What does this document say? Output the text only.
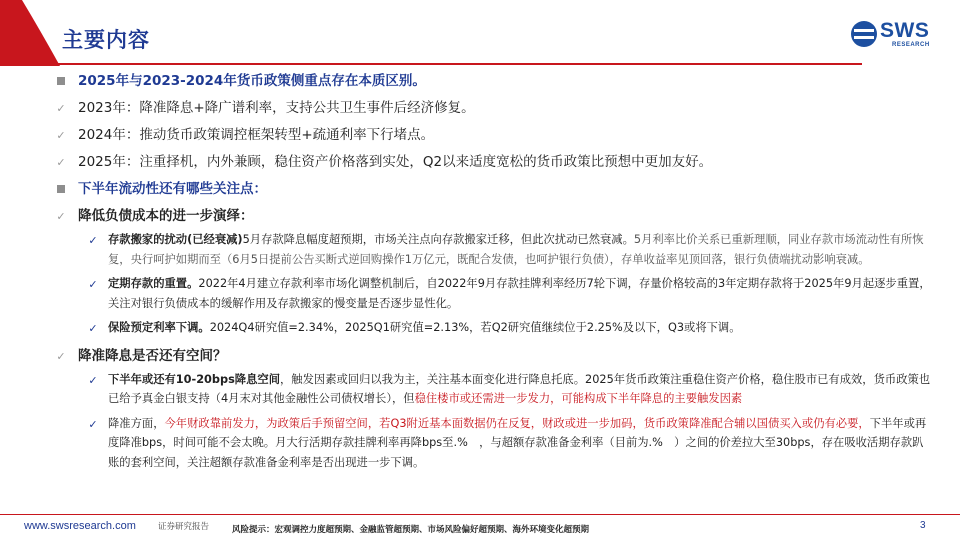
主要内容	SWS
RESEARCH
2025年与2023-2024年货币政策侧重点存在本质区别。
✓ 2023年：降准降息+降广谱利率，支持公共卫生事件后经济修复。
✓ 2024年：推动货币政策调控框架转型+疏通利率下行堵点。
✓ 2025年：注重择机，内外兼顾，稳住资产价格落到实处，Q2以来适度宽松的货币政策比预想中更加友好。
下半年流动性还有哪些关注点：
✓ 降低负债成本的进一步演绎：
✓ 存款搬家的扰动(已经衰减)5月存款降息幅度超预期，市场关注点向存款搬家迁移，但此次扰动已然衰减。5月利率比价关系已重新理顺，同业存款市场流动性有所恢复，央行呵护如期而至（6月5日提前公告买断式逆回购操作1万亿元，既配合发债，也呵护银行负债），存单收益率见顶回落，银行负债端扰动影响衰减。
✓ 定期存款的重置。2022年4月建立存款利率市场化调整机制后，自2022年9月存款挂牌利率经历7轮下调，存量价格较高的3年定期存款将于2025年9月起逐步重置，关注对银行负债成本的缓解作用及存款搬家的慢变量是否逐步显性化。
✓ 保险预定利率下调。2024Q4研究值=2.34%，2025Q1研究值=2.13%，若Q2研究值继续位于2.25%及以下，Q3或将下调。
✓ 降准降息是否还有空间？
✓ 下半年或还有10-20bps降息空间，触发因素或回归以我为主，关注基本面变化进行降息托底。2025年货币政策注重稳住资产价格，稳住股市已有成效，货币政策也已给予真金白银支持（4月末对其他金融性公司债权增长），但稳住楼市或还需进一步发力，可能构成下半年降息的主要触发因素
✓ 降准方面，今年财政靠前发力，为政策后手预留空间，若Q3附近基本面数据仍在反复，财政或进一步加码，货币政策降准配合辅以国债买入或仍有必要，下半年或再度降准bps，时间可能不会太晚。月大行活期存款挂牌利率再降bps至.%　，与超额存款准备金利率（目前为.%　）之间的价差拉大至30bps，存在吸收活期存款趴账的套利空间，关注超额存款准备金利率是否出现进一步下调。
www.swsresearch.com	证券研究报告	风险提示：宏观调控力度超预期、金融监管超预期、市场风险偏好超预期、海外环境变化超预期	3
